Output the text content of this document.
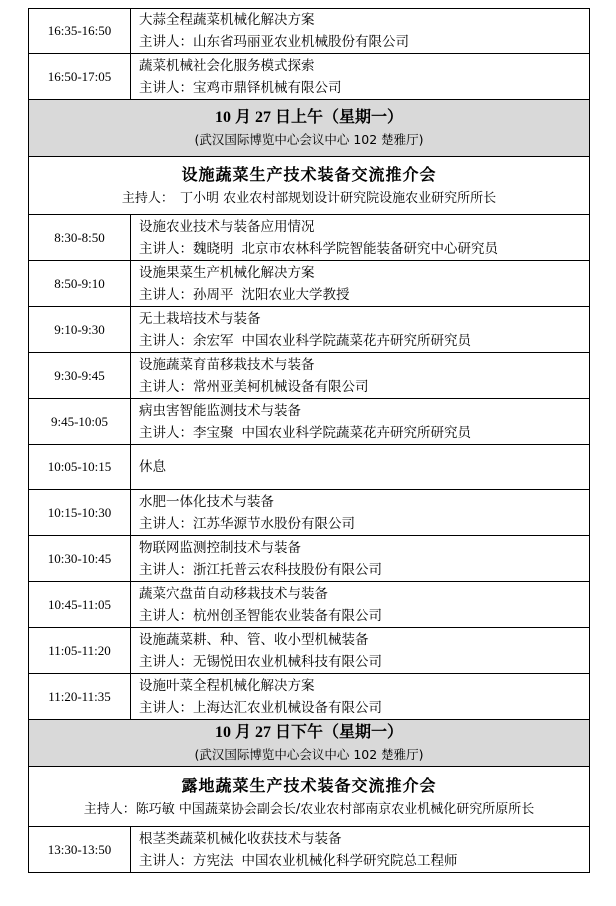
16:35-16:50
大蒜全程蔬菜机械化解决方案
主讲人：山东省玛丽亚农业机械股份有限公司
16:50-17:05
蔬菜机械社会化服务模式探索
主讲人：宝鸡市鼎铎机械有限公司
10 月 27 日上午（星期一）
(武汉国际博览中心会议中心 102 楚雅厅)
设施蔬菜生产技术装备交流推介会
主持人： 丁小明 农业农村部规划设计研究院设施农业研究所所长
8:30-8:50
设施农业技术与装备应用情况
主讲人：魏晓明 北京市农林科学院智能装备研究中心研究员
8:50-9:10
设施果菜生产机械化解决方案
主讲人：孙周平 沈阳农业大学教授
9:10-9:30
无土栽培技术与装备
主讲人：余宏军 中国农业科学院蔬菜花卉研究所研究员
9:30-9:45
设施蔬菜育苗移栽技术与装备
主讲人：常州亚美柯机械设备有限公司
9:45-10:05
病虫害智能监测技术与装备
主讲人：李宝聚 中国农业科学院蔬菜花卉研究所研究员
10:05-10:15	休息
10:15-10:30
水肥一体化技术与装备
主讲人：江苏华源节水股份有限公司
10:30-10:45
物联网监测控制技术与装备
主讲人：浙江托普云农科技股份有限公司
10:45-11:05
蔬菜穴盘苗自动移栽技术与装备
主讲人：杭州创圣智能农业装备有限公司
11:05-11:20
设施蔬菜耕、种、管、收小型机械装备
主讲人：无锡悦田农业机械科技有限公司
11:20-11:35
设施叶菜全程机械化解决方案
主讲人：上海达汇农业机械设备有限公司
10 月 27 日下午（星期一）
(武汉国际博览中心会议中心 102 楚雅厅)
露地蔬菜生产技术装备交流推介会
主持人：陈巧敏 中国蔬菜协会副会长/农业农村部南京农业机械化研究所原所长
13:30-13:50
根茎类蔬菜机械化收获技术与装备
主讲人：方宪法 中国农业机械化科学研究院总工程师
